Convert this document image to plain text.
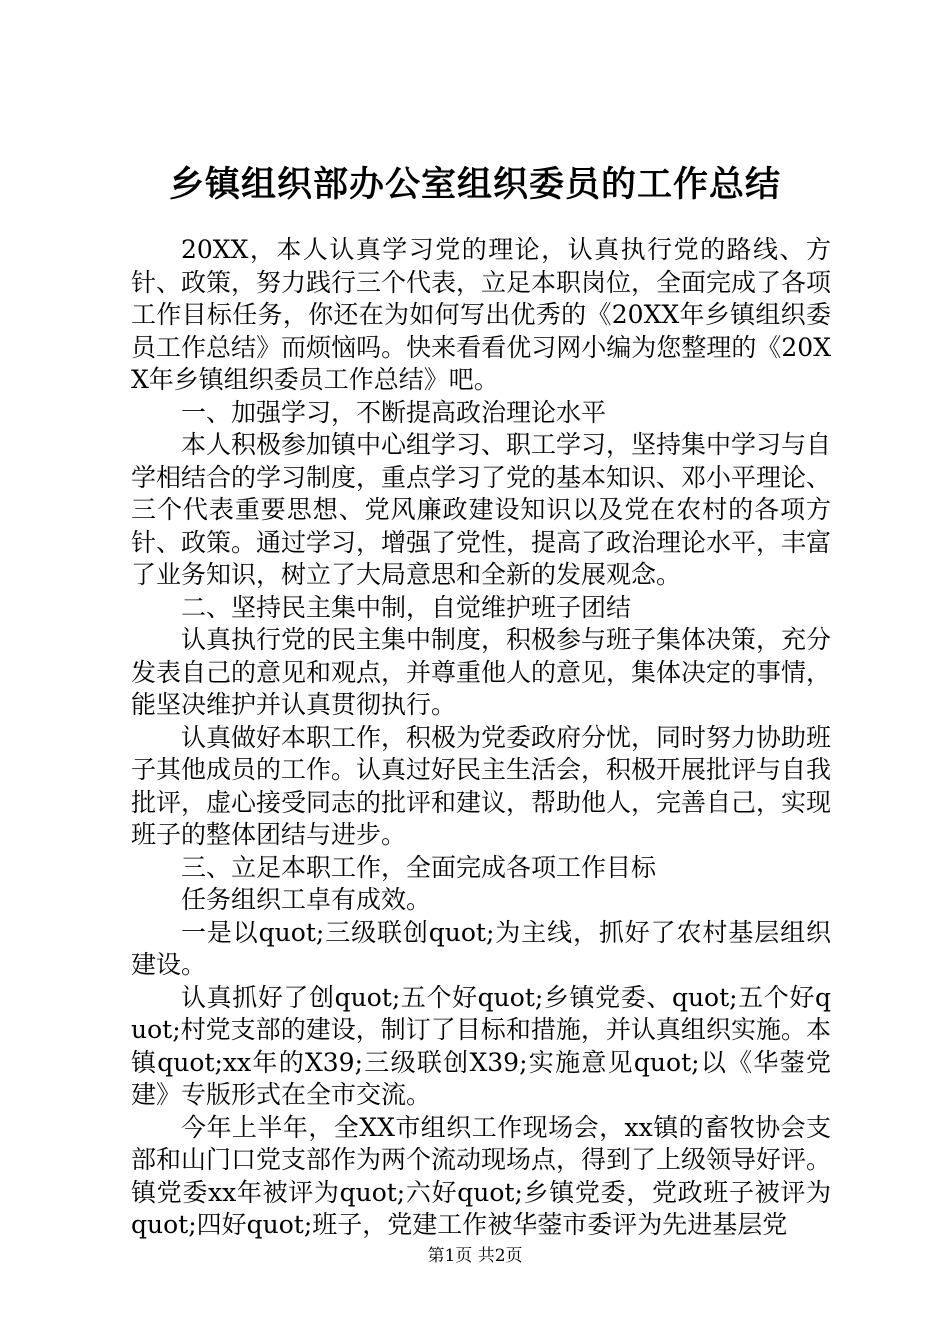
乡镇组织部办公室组织委员的工作总结

20XX，本人认真学习党的理论，认真执行党的路线、方针、政策，努力践行三个代表，立足本职岗位，全面完成了各项工作目标任务，你还在为如何写出优秀的《20XX年乡镇组织委员工作总结》而烦恼吗。快来看看优习网小编为您整理的《20XX年乡镇组织委员工作总结》吧。

一、加强学习，不断提高政治理论水平

本人积极参加镇中心组学习、职工学习，坚持集中学习与自学相结合的学习制度，重点学习了党的基本知识、邓小平理论、三个代表重要思想、党风廉政建设知识以及党在农村的各项方针、政策。通过学习，增强了党性，提高了政治理论水平，丰富了业务知识，树立了大局意思和全新的发展观念。

二、坚持民主集中制，自觉维护班子团结

认真执行党的民主集中制度，积极参与班子集体决策，充分发表自己的意见和观点，并尊重他人的意见，集体决定的事情，能坚决维护并认真贯彻执行。

认真做好本职工作，积极为党委政府分忧，同时努力协助班子其他成员的工作。认真过好民主生活会，积极开展批评与自我批评，虚心接受同志的批评和建议，帮助他人，完善自己，实现班子的整体团结与进步。

三、立足本职工作，全面完成各项工作目标

任务组织工卓有成效。

一是以quot;三级联创quot;为主线，抓好了农村基层组织建设。

认真抓好了创quot;五个好quot;乡镇党委、quot;五个好quot;村党支部的建设，制订了目标和措施，并认真组织实施。本镇quot;xx年的X39;三级联创X39;实施意见quot;以《华蓥党建》专版形式在全市交流。

今年上半年，全XX市组织工作现场会，xx镇的畜牧协会支部和山门口党支部作为两个流动现场点，得到了上级领导好评。镇党委xx年被评为quot;六好quot;乡镇党委，党政班子被评为quot;四好quot;班子，党建工作被华蓥市委评为先进基层党

第1页 共2页
